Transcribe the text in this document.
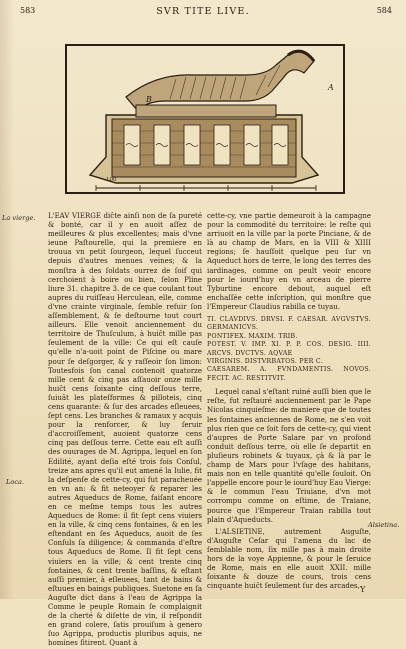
583	SVR TITE LIVE.	584
A
B
100
La vierge.
Loca.
Alsietina.

L'EAV VIERGE diĉte ainſi non de ſa pureté & bonté, car il y en auoit aſſez de meilleures & plus excellentes; mais d'vne ieune Paſtourelle, qui la premiere en trouua vn petit ſourgeon, lequel ſucceut depuis d'autres menues veines; & la monſtra à des ſoldats ourrez de ſoif qui cerchoient à boire ou bien, ſelon Pline liure 31. chapitre 3. de ce que coulant tout aupres du ruiſſeau Herculean, elle, comme d'vne crainte virginale, ſemble refuir ſon aſſemblement, & ſe deſtourne tout court ailleurs. Elle venoit anciennement du territoire de Thuſculum, à huiĉt mille pas ſeulement de la ville: Ce qui eſt cauſe qu'elle n'a-uoit point de Piſcine ou mare pour ſe deſgorger, & y raſſeoir ſon limon: Toutesfois ſon canal contenoit quatorze mille cent & cinq pas aſſauoir onze mille huiĉt cens ſoixante cinq deſſous terre, ſuiuât les plateſformes & pilloteis, cinq cens quarante: & ſur des arcades eſleuees, ſept cens. Les branches & ramaux y acquis pour la renforcer, & luy ſeruir d'accroiſſement, auoient quatorze cens cinq pas deſſous terre. Cette eau eſt auſſi des ouurages de M. Agrippa, lequel en ſon Edilité, ayant deſia eſté trois fois Conſul, treize ans apres qu'il eut amené la Iulie, fit la deſpenſe de cette-cy, qui fut paracheuée en vn an: & fit neteoyer & reparer les autres Aqueducs de Rome, faiſant encore en ce meſme temps tous les autres Aqueducs de Rome: il fit ſept cens viuiers en la ville, & cinq cens fontaines, & en les eſtendant en ſes Aqueducs, auoit de ſes Conſuls ſa diligence; & commanda d'eſtre tous Aqueducs de Rome. Il fit ſept cens viuiers en la ville; & cent trente cinq fontaines, & cent trente baſſins, & eſtant auſſi premier, à eſleuees, tant de bains & eſtuues en baings publiques. Suetone en ſa Auguſte dict dans à l'eau de Agrippa la Comme le peuple Romain ſe complaignit de la cherté & diſette de vin, il reſpondit en grand colere, ſatis prouiſum à genero ſuo Agrippa, productis pluribus aquis, ne homines ſitirent. Quant à

cette-cy, vne partie demeuroit à la campagne pour la commodité du territoire: le reſte qui arriuoit en la ville par la porte Pinciane, & de là au champ de Mars, en la VIII & XIIII regions; ſe hauſſoit quelque peu ſur vn Aqueduct hors de terre, le long des terres des iardinages, comme on peult veoir encore pour le iourd'huy en vn arceau de pierre Tyburtine encore debout, auquel eſt enchaſſée cette inſcription, qui monſtre que l'Empereur Claudius rabilla ce tuyau.

TI. CLAVDIVS. DRVSI. F. CAESAR. AVGVSTVS. GERMANICVS.
PONTIFEX. MAXIM. TRIB.
POTEST. V. IMP. XI. P. P. COS. DESIG. IIII. ARCVS. DVCTVS. AQVAE
VIRGINIS. DISTVRBATOS. PER C.
CAESAREM. A. FVNDAMENTIS. NOVOS. FECIT. AC. RESTITVIT.

Lequel canal s'eſtant ruiné auſſi bien que le reſte, fut reſtauré auciennement par le Pape Nicolas cinquieſme: de maniere que de toutes les fontaines anciennes de Rome, ne s'en voit plus rien que ce ſoit fors de cette-cy, qui vient d'aupres de Porte Salare par vn profond conduit deſſous terre, où elle ſe departit en pluſieurs robinets & tuyaux, çà & là par le champ de Mars pour l'vſage des habitans, mais non en telle quantité qu'elle ſouloit. On l'appelle encore pour le iourd'huy Eau Vierge: & le commun l'eau Triuiane, d'vn mot corrompu comme on eſtime, de Traiane, pource que l'Empereur Traian rabilla tout plain d'Aqueducts.

L'ALSIETINE, autrement Auguſte, d'Auguſte Ceſar qui l'amena du lac de ſemblable nom, ſix mille pas à main droite hors de la voye Appienne, & pour le ſeruice de Rome, mais en elle auoit XXII. mille ſoixante & douze de cours, trois cens cinquante huiĉt ſeulement ſur des arcades, Y
